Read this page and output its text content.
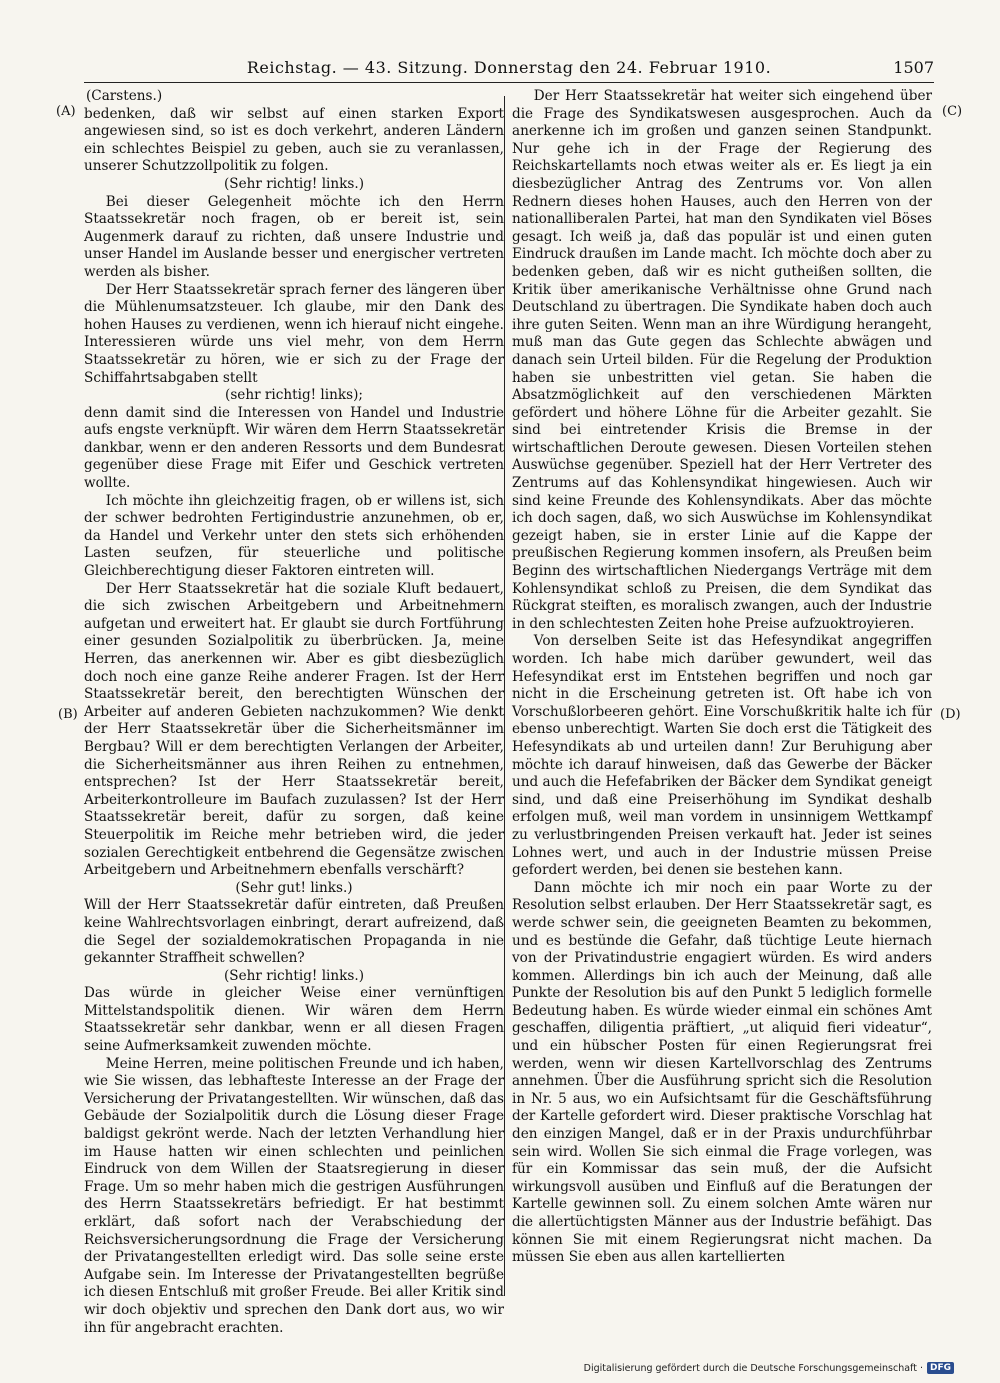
Reichstag. — 43. Sitzung. Donnerstag den 24. Februar 1910.	1507
(A)
(B)
(C)
(D)

(Carstens.)

bedenken, daß wir selbst auf einen starken Export angewiesen sind, so ist es doch verkehrt, anderen Ländern ein schlechtes Beispiel zu geben, auch sie zu veranlassen, unserer Schutzzollpolitik zu folgen.

(Sehr richtig! links.)

Bei dieser Gelegenheit möchte ich den Herrn Staatssekretär noch fragen, ob er bereit ist, sein Augenmerk darauf zu richten, daß unsere Industrie und unser Handel im Auslande besser und energischer vertreten werden als bisher.

Der Herr Staatssekretär sprach ferner des längeren über die Mühlenumsatzsteuer. Ich glaube, mir den Dank des hohen Hauses zu verdienen, wenn ich hierauf nicht eingehe. Interessieren würde uns viel mehr, von dem Herrn Staatssekretär zu hören, wie er sich zu der Frage der Schiffahrtsabgaben stellt

(sehr richtig! links);

denn damit sind die Interessen von Handel und Industrie aufs engste verknüpft. Wir wären dem Herrn Staatssekretär dankbar, wenn er den anderen Ressorts und dem Bundesrat gegenüber diese Frage mit Eifer und Geschick vertreten wollte.

Ich möchte ihn gleichzeitig fragen, ob er willens ist, sich der schwer bedrohten Fertigindustrie anzunehmen, ob er, da Handel und Verkehr unter den stets sich erhöhenden Lasten seufzen, für steuerliche und politische Gleichberechtigung dieser Faktoren eintreten will.

Der Herr Staatssekretär hat die soziale Kluft bedauert, die sich zwischen Arbeitgebern und Arbeitnehmern aufgetan und erweitert hat. Er glaubt sie durch Fortführung einer gesunden Sozialpolitik zu überbrücken. Ja, meine Herren, das anerkennen wir. Aber es gibt diesbezüglich doch noch eine ganze Reihe anderer Fragen. Ist der Herr Staatssekretär bereit, den berechtigten Wünschen der Arbeiter auf anderen Gebieten nachzukommen? Wie denkt der Herr Staatssekretär über die Sicherheitsmänner im Bergbau? Will er dem berechtigten Verlangen der Arbeiter, die Sicherheitsmänner aus ihren Reihen zu entnehmen, entsprechen? Ist der Herr Staatssekretär bereit, Arbeiterkontrolleure im Baufach zuzulassen? Ist der Herr Staatssekretär bereit, dafür zu sorgen, daß keine Steuerpolitik im Reiche mehr betrieben wird, die jeder sozialen Gerechtigkeit entbehrend die Gegensätze zwischen Arbeitgebern und Arbeitnehmern ebenfalls verschärft?

(Sehr gut! links.)

Will der Herr Staatssekretär dafür eintreten, daß Preußen keine Wahlrechtsvorlagen einbringt, derart aufreizend, daß die Segel der sozialdemokratischen Propaganda in nie gekannter Straffheit schwellen?

(Sehr richtig! links.)

Das würde in gleicher Weise einer vernünftigen Mittelstandspolitik dienen. Wir wären dem Herrn Staatssekretär sehr dankbar, wenn er all diesen Fragen seine Aufmerksamkeit zuwenden möchte.

Meine Herren, meine politischen Freunde und ich haben, wie Sie wissen, das lebhafteste Interesse an der Frage der Versicherung der Privatangestellten. Wir wünschen, daß das Gebäude der Sozialpolitik durch die Lösung dieser Frage baldigst gekrönt werde. Nach der letzten Verhandlung hier im Hause hatten wir einen schlechten und peinlichen Eindruck von dem Willen der Staatsregierung in dieser Frage. Um so mehr haben mich die gestrigen Ausführungen des Herrn Staatssekretärs befriedigt. Er hat bestimmt erklärt, daß sofort nach der Verabschiedung der Reichsversicherungsordnung die Frage der Versicherung der Privatangestellten erledigt wird. Das solle seine erste Aufgabe sein. Im Interesse der Privatangestellten begrüße ich diesen Entschluß mit großer Freude. Bei aller Kritik sind wir doch objektiv und sprechen den Dank dort aus, wo wir ihn für angebracht erachten.

Der Herr Staatssekretär hat weiter sich eingehend über die Frage des Syndikatswesen ausgesprochen. Auch da anerkenne ich im großen und ganzen seinen Standpunkt. Nur gehe ich in der Frage der Regierung des Reichskartellamts noch etwas weiter als er. Es liegt ja ein diesbezüglicher Antrag des Zentrums vor. Von allen Rednern dieses hohen Hauses, auch den Herren von der nationalliberalen Partei, hat man den Syndikaten viel Böses gesagt. Ich weiß ja, daß das populär ist und einen guten Eindruck draußen im Lande macht. Ich möchte doch aber zu bedenken geben, daß wir es nicht gutheißen sollten, die Kritik über amerikanische Verhältnisse ohne Grund nach Deutschland zu übertragen. Die Syndikate haben doch auch ihre guten Seiten. Wenn man an ihre Würdigung herangeht, muß man das Gute gegen das Schlechte abwägen und danach sein Urteil bilden. Für die Regelung der Produktion haben sie unbestritten viel getan. Sie haben die Absatzmöglichkeit auf den verschiedenen Märkten gefördert und höhere Löhne für die Arbeiter gezahlt. Sie sind bei eintretender Krisis die Bremse in der wirtschaftlichen Deroute gewesen. Diesen Vorteilen stehen Auswüchse gegenüber. Speziell hat der Herr Vertreter des Zentrums auf das Kohlensyndikat hingewiesen. Auch wir sind keine Freunde des Kohlensyndikats. Aber das möchte ich doch sagen, daß, wo sich Auswüchse im Kohlensyndikat gezeigt haben, sie in erster Linie auf die Kappe der preußischen Regierung kommen insofern, als Preußen beim Beginn des wirtschaftlichen Niedergangs Verträge mit dem Kohlensyndikat schloß zu Preisen, die dem Syndikat das Rückgrat steiften, es moralisch zwangen, auch der Industrie in den schlechtesten Zeiten hohe Preise aufzuoktroyieren.

Von derselben Seite ist das Hefesyndikat angegriffen worden. Ich habe mich darüber gewundert, weil das Hefesyndikat erst im Entstehen begriffen und noch gar nicht in die Erscheinung getreten ist. Oft habe ich von Vorschußlorbeeren gehört. Eine Vorschußkritik halte ich für ebenso unberechtigt. Warten Sie doch erst die Tätigkeit des Hefesyndikats ab und urteilen dann! Zur Beruhigung aber möchte ich darauf hinweisen, daß das Gewerbe der Bäcker und auch die Hefefabriken der Bäcker dem Syndikat geneigt sind, und daß eine Preiserhöhung im Syndikat deshalb erfolgen muß, weil man vordem in unsinnigem Wettkampf zu verlustbringenden Preisen verkauft hat. Jeder ist seines Lohnes wert, und auch in der Industrie müssen Preise gefordert werden, bei denen sie bestehen kann.

Dann möchte ich mir noch ein paar Worte zu der Resolution selbst erlauben. Der Herr Staatssekretär sagt, es werde schwer sein, die geeigneten Beamten zu bekommen, und es bestünde die Gefahr, daß tüchtige Leute hiernach von der Privatindustrie engagiert würden. Es wird anders kommen. Allerdings bin ich auch der Meinung, daß alle Punkte der Resolution bis auf den Punkt 5 lediglich formelle Bedeutung haben. Es würde wieder einmal ein schönes Amt geschaffen, diligentia präftiert, „ut aliquid fieri videatur“, und ein hübscher Posten für einen Regierungsrat frei werden, wenn wir diesen Kartellvorschlag des Zentrums annehmen. Über die Ausführung spricht sich die Resolution in Nr. 5 aus, wo ein Aufsichtsamt für die Geschäftsführung der Kartelle gefordert wird. Dieser praktische Vorschlag hat den einzigen Mangel, daß er in der Praxis undurchführbar sein wird. Wollen Sie sich einmal die Frage vorlegen, was für ein Kommissar das sein muß, der die Aufsicht wirkungsvoll ausüben und Einfluß auf die Beratungen der Kartelle gewinnen soll. Zu einem solchen Amte wären nur die allertüchtigsten Männer aus der Industrie befähigt. Das können Sie mit einem Regierungsrat nicht machen. Da müssen Sie eben aus allen kartellierten

Digitalisierung gefördert durch die Deutsche Forschungsgemeinschaft · DFG
